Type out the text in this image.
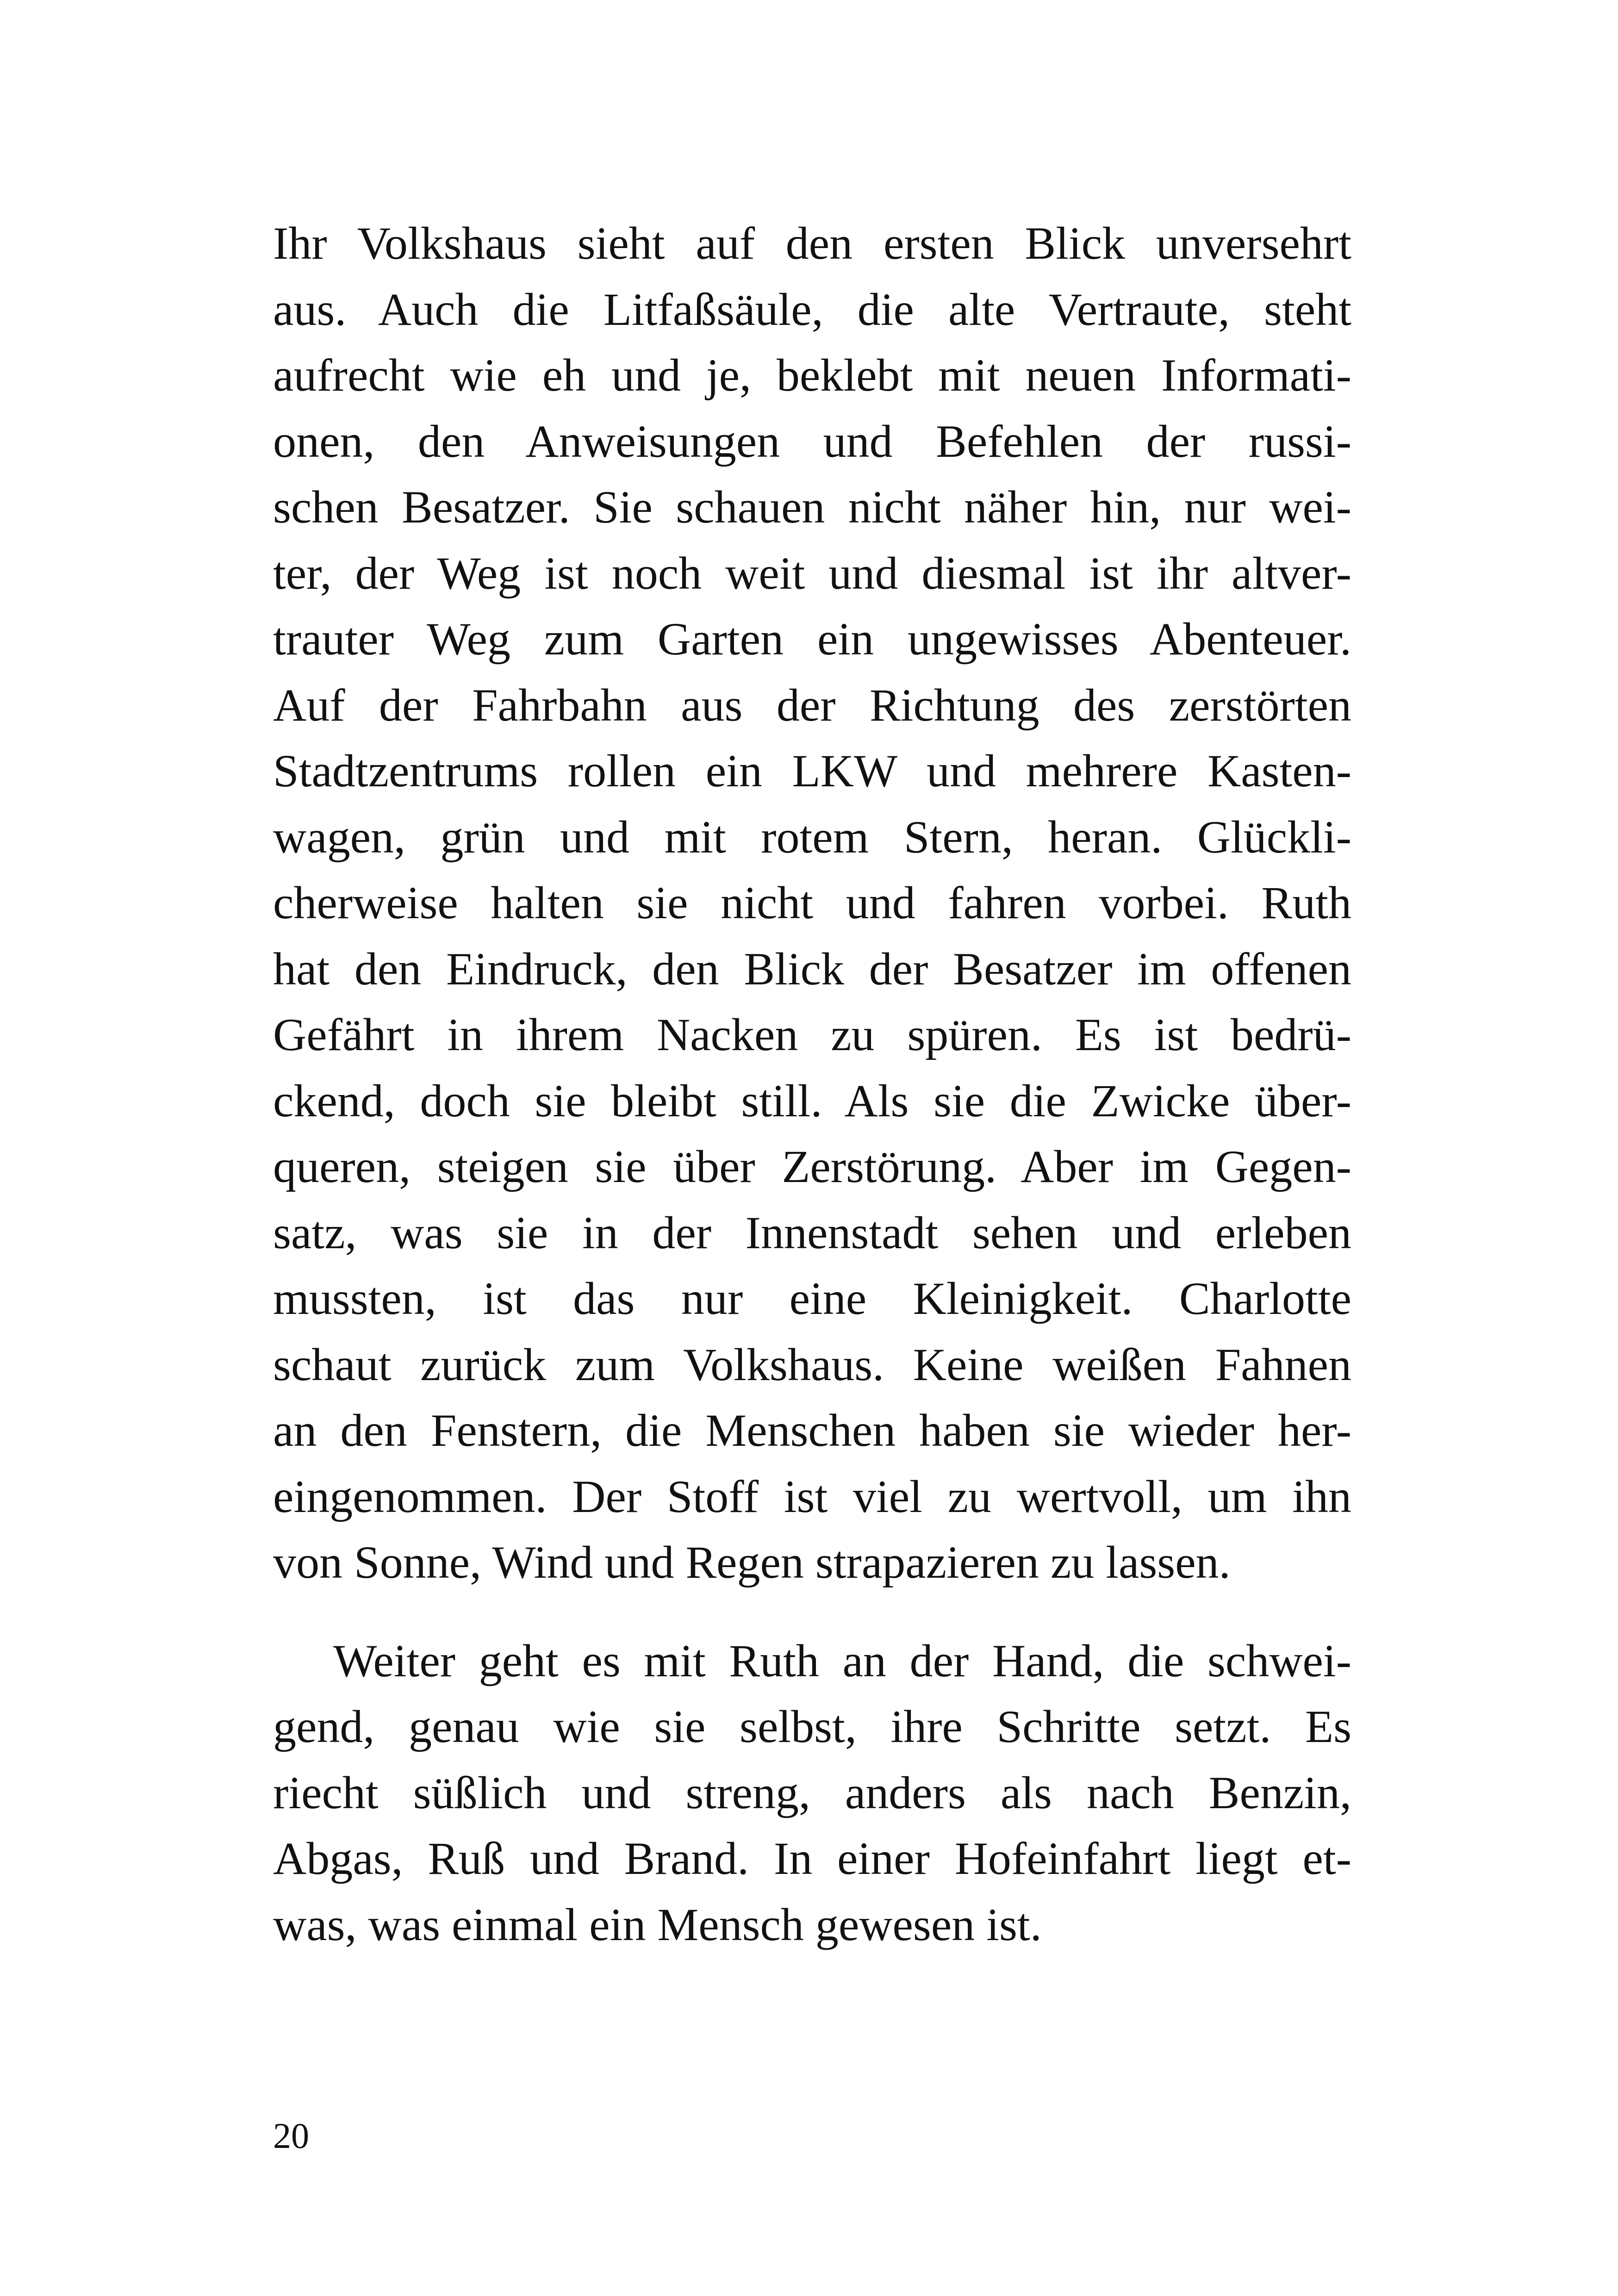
Ihr Volkshaus sieht auf den ersten Blick unversehrt
aus. Auch die Litfaßsäule, die alte Vertraute, steht
aufrecht wie eh und je, beklebt mit neuen Informati-
onen, den Anweisungen und Befehlen der russi-
schen Besatzer. Sie schauen nicht näher hin, nur wei-
ter, der Weg ist noch weit und diesmal ist ihr altver-
trauter Weg zum Garten ein ungewisses Abenteuer.
Auf der Fahrbahn aus der Richtung des zerstörten
Stadtzentrums rollen ein LKW und mehrere Kasten-
wagen, grün und mit rotem Stern, heran. Glückli-
cherweise halten sie nicht und fahren vorbei. Ruth
hat den Eindruck, den Blick der Besatzer im offenen
Gefährt in ihrem Nacken zu spüren. Es ist bedrü-
ckend, doch sie bleibt still. Als sie die Zwicke über-
queren, steigen sie über Zerstörung. Aber im Gegen-
satz, was sie in der Innenstadt sehen und erleben
mussten, ist das nur eine Kleinigkeit. Charlotte
schaut zurück zum Volkshaus. Keine weißen Fahnen
an den Fenstern, die Menschen haben sie wieder her-
eingenommen. Der Stoff ist viel zu wertvoll, um ihn
von Sonne, Wind und Regen strapazieren zu lassen.
Weiter geht es mit Ruth an der Hand, die schwei-
gend, genau wie sie selbst, ihre Schritte setzt. Es
riecht süßlich und streng, anders als nach Benzin,
Abgas, Ruß und Brand. In einer Hofeinfahrt liegt et-
was, was einmal ein Mensch gewesen ist.
20
